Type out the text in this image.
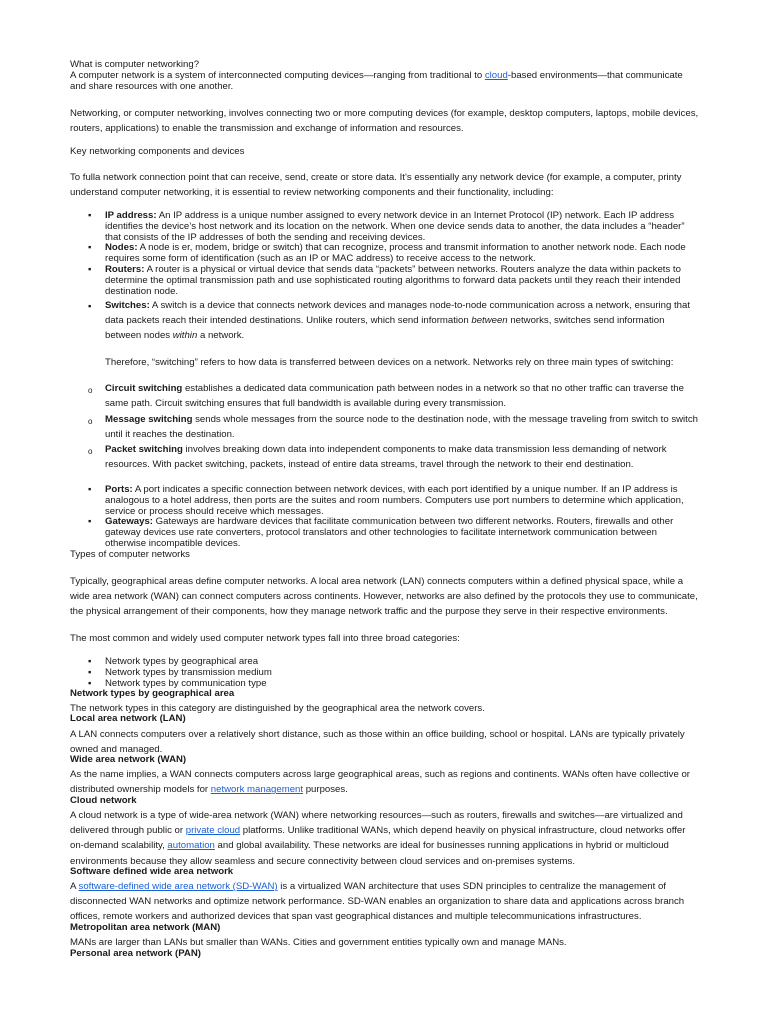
What is computer networking?

A computer network is a system of interconnected computing devices—ranging from traditional to cloud-based environments—that communicate and share resources with one another.

Networking, or computer networking, involves connecting two or more computing devices (for example, desktop computers, laptops, mobile devices, routers, applications) to enable the transmission and exchange of information and resources.

Key networking components and devices

To fulla network connection point that can receive, send, create or store data. It’s essentially any network device (for example, a computer, printy understand computer networking, it is essential to review networking components and their functionality, including:

▪

IP address: An IP address is a unique number assigned to every network device in an Internet Protocol (IP) network. Each IP address identifies the device’s host network and its location on the network. When one device sends data to another, the data includes a “header” that consists of the IP addresses of both the sending and receiving devices.

▪

Nodes: A node is er, modem, bridge or switch) that can recognize, process and transmit information to another network node. Each node requires some form of identification (such as an IP or MAC address) to receive access to the network.

▪

Routers: A router is a physical or virtual device that sends data “packets” between networks. Routers analyze the data within packets to determine the optimal transmission path and use sophisticated routing algorithms to forward data packets until they reach their intended destination node.

▪

Switches: A switch is a device that connects network devices and manages node-to-node communication across a network, ensuring that data packets reach their intended destinations. Unlike routers, which send information between networks, switches send information between nodes within a network.

Therefore, “switching” refers to how data is transferred between devices on a network. Networks rely on three main types of switching:

o Circuit switching establishes a dedicated data communication path between nodes in a network so that no other traffic can traverse the same path. Circuit switching ensures that full bandwidth is available during every transmission.

o Message switching sends whole messages from the source node to the destination node, with the message traveling from switch to switch until it reaches the destination.

o Packet switching involves breaking down data into independent components to make data transmission less demanding of network resources. With packet switching, packets, instead of entire data streams, travel through the network to their end destination.

▪

Ports: A port indicates a specific connection between network devices, with each port identified by a unique number. If an IP address is analogous to a hotel address, then ports are the suites and room numbers. Computers use port numbers to determine which application, service or process should receive which messages.

▪

Gateways: Gateways are hardware devices that facilitate communication between two different networks. Routers, firewalls and other gateway devices use rate converters, protocol translators and other technologies to facilitate internetwork communication between otherwise incompatible devices.

Types of computer networks

Typically, geographical areas define computer networks. A local area network (LAN) connects computers within a defined physical space, while a wide area network (WAN) can connect computers across continents. However, networks are also defined by the protocols they use to communicate, the physical arrangement of their components, how they manage network traffic and the purpose they serve in their respective environments.

The most common and widely used computer network types fall into three broad categories:

▪

Network types by geographical area

▪

Network types by transmission medium

▪

Network types by communication type

Network types by geographical area

The network types in this category are distinguished by the geographical area the network covers.

Local area network (LAN)

A LAN connects computers over a relatively short distance, such as those within an office building, school or hospital. LANs are typically privately owned and managed.

Wide area network (WAN)

As the name implies, a WAN connects computers across large geographical areas, such as regions and continents. WANs often have collective or distributed ownership models for network management purposes.

Cloud network

A cloud network is a type of wide-area network (WAN) where networking resources—such as routers, firewalls and switches—are virtualized and delivered through public or private cloud platforms. Unlike traditional WANs, which depend heavily on physical infrastructure, cloud networks offer on-demand scalability, automation and global availability. These networks are ideal for businesses running applications in hybrid or multicloud environments because they allow seamless and secure connectivity between cloud services and on-premises systems.

Software defined wide area network

A software-defined wide area network (SD-WAN) is a virtualized WAN architecture that uses SDN principles to centralize the management of disconnected WAN networks and optimize network performance. SD-WAN enables an organization to share data and applications across branch offices, remote workers and authorized devices that span vast geographical distances and multiple telecommunications infrastructures.

Metropolitan area network (MAN)

MANs are larger than LANs but smaller than WANs. Cities and government entities typically own and manage MANs.

Personal area network (PAN)
